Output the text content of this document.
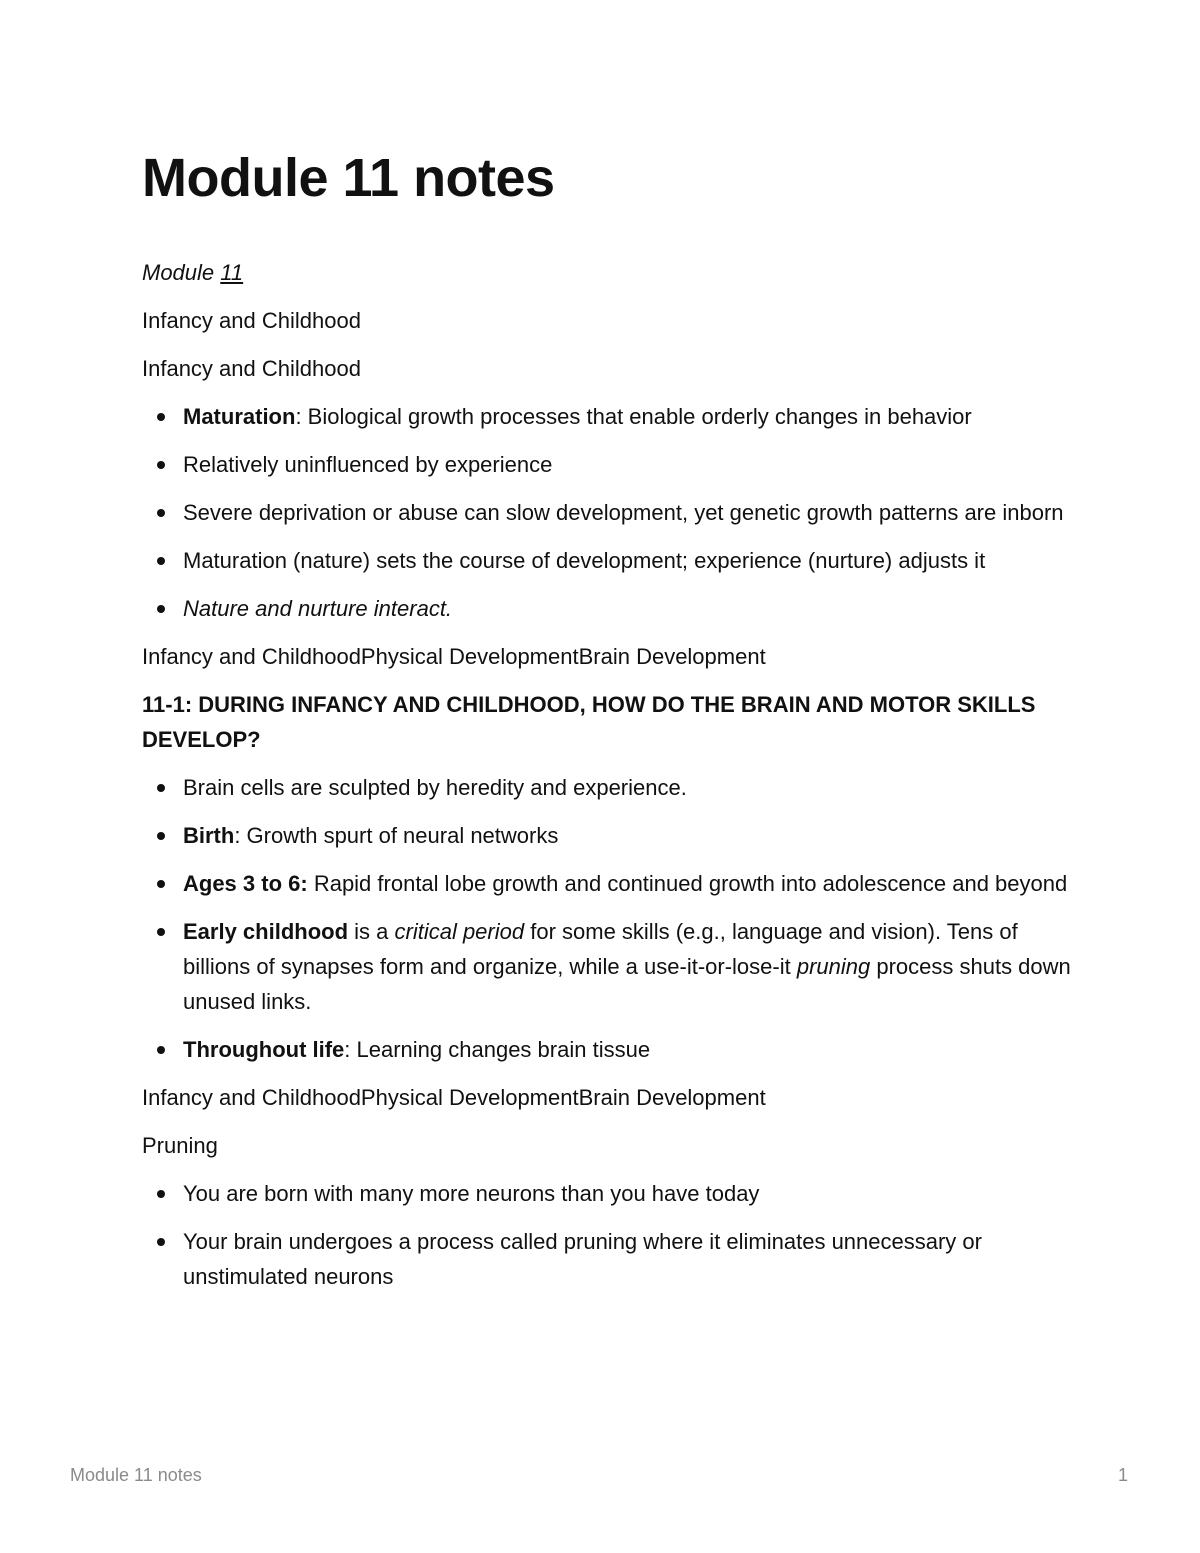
Module 11 notes

Module 11

Infancy and Childhood

Infancy and Childhood

Maturation: Biological growth processes that enable orderly changes in behavior
Relatively uninfluenced by experience
Severe deprivation or abuse can slow development, yet genetic growth patterns are inborn
Maturation (nature) sets the course of development; experience (nurture) adjusts it
Nature and nurture interact.

Infancy and ChildhoodPhysical DevelopmentBrain Development

11-1: DURING INFANCY AND CHILDHOOD, HOW DO THE BRAIN AND MOTOR SKILLS DEVELOP?

Brain cells are sculpted by heredity and experience.
Birth: Growth spurt of neural networks
Ages 3 to 6: Rapid frontal lobe growth and continued growth into adolescence and beyond
Early childhood is a critical period for some skills (e.g., language and vision). Tens of billions of synapses form and organize, while a use-it-or-lose-it pruning process shuts down unused links.
Throughout life: Learning changes brain tissue

Infancy and ChildhoodPhysical DevelopmentBrain Development

Pruning

You are born with many more neurons than you have today
Your brain undergoes a process called pruning where it eliminates unnecessary or unstimulated neurons
Module 11 notes	1
